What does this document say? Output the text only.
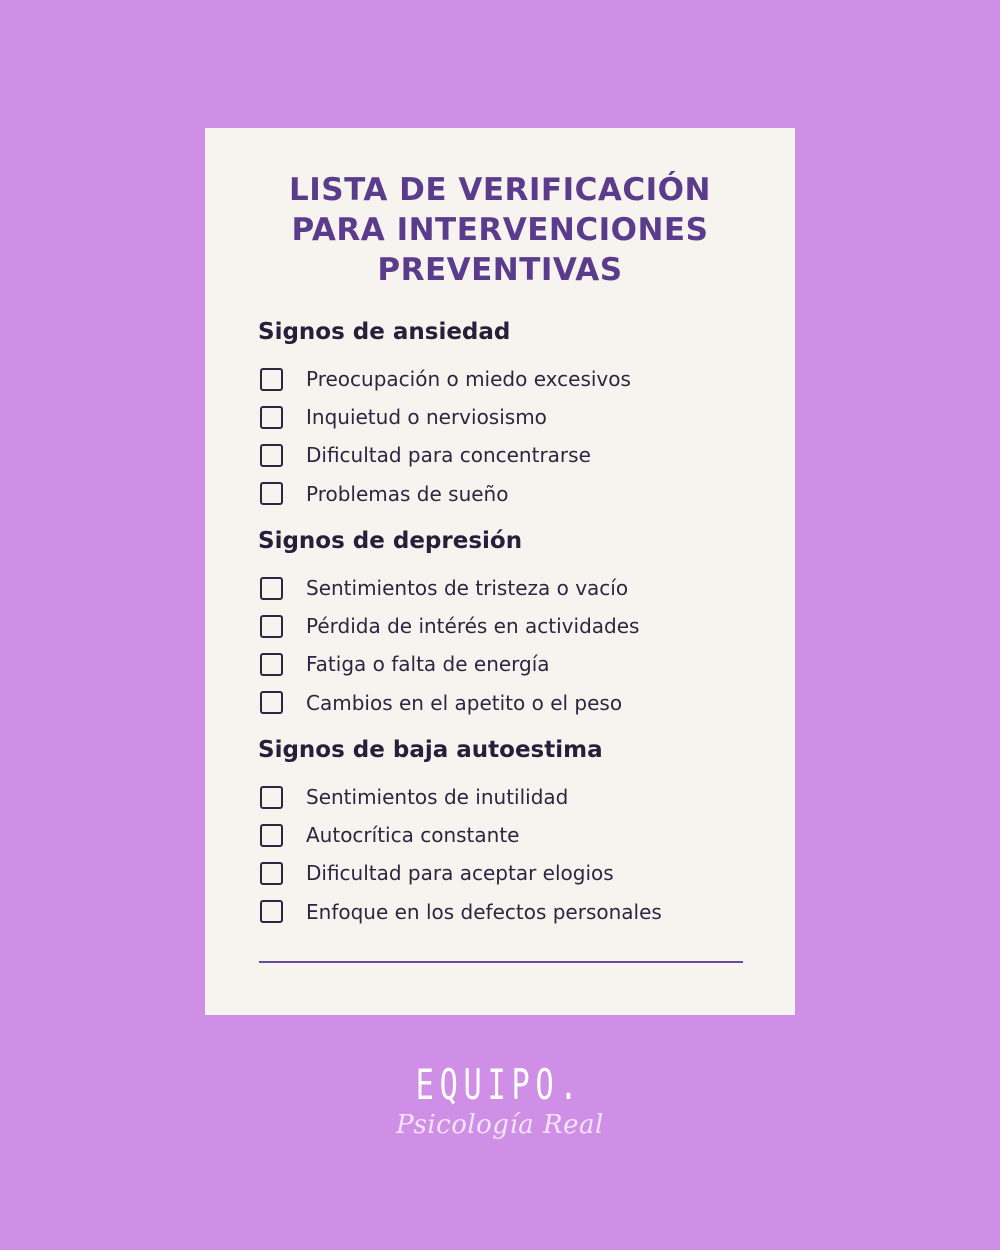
LISTA DE VERIFICACIÓN
PARA INTERVENCIONES
PREVENTIVAS
Signos de ansiedad
Preocupación o miedo excesivos
Inquietud o nerviosismo
Dificultad para concentrarse
Problemas de sueño
Signos de depresión
Sentimientos de tristeza o vacío
Pérdida de intérés en actividades
Fatiga o falta de energía
Cambios en el apetito o el peso
Signos de baja autoestima
Sentimientos de inutilidad
Autocrítica constante
Dificultad para aceptar elogios
Enfoque en los defectos personales
EQUIPO.
Psicología Real
